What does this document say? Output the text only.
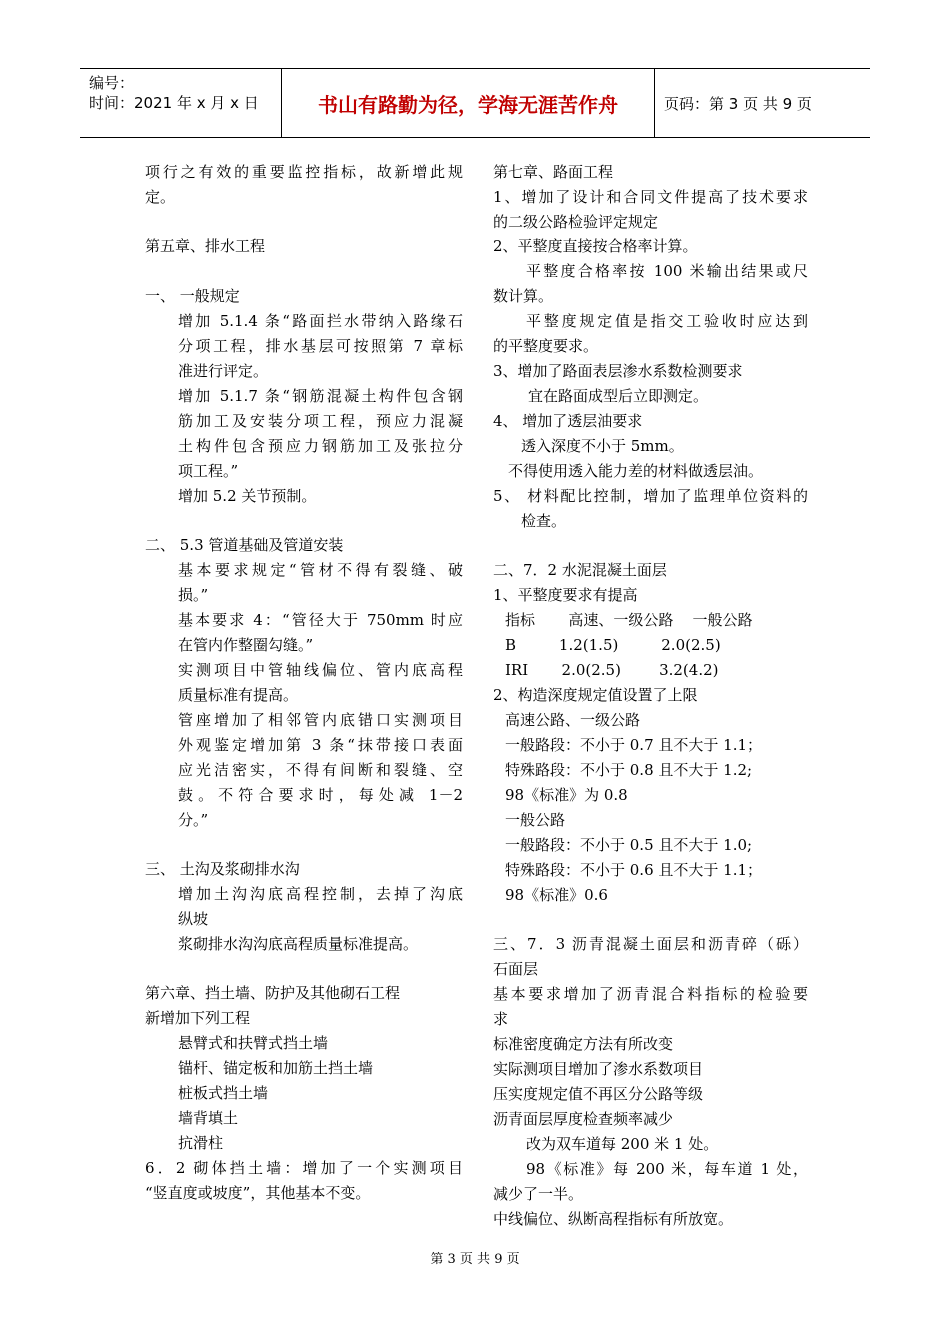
编号：
时间：2021 年 x 月 x 日	书山有路勤为径，学海无涯苦作舟	页码：第 3 页 共 9 页
项行之有效的重要监控指标，故新增此规
定。
第五章、排水工程
一、 一般规定
增加 5.1.4 条“路面拦水带纳入路缘石
分项工程，排水基层可按照第 7 章标
准进行评定。
增加 5.1.7 条“钢筋混凝土构件包含钢
筋加工及安装分项工程，预应力混凝
土构件包含预应力钢筋加工及张拉分
项工程。”
增加 5.2 关节预制。
二、 5.3 管道基础及管道安装
基本要求规定“管材不得有裂缝、破
损。”
基本要求 4：“管径大于 750mm 时应
在管内作整圈勾缝。”
实测项目中管轴线偏位、管内底高程
质量标准有提高。
管座增加了相邻管内底错口实测项目
外观鉴定增加第 3 条“抹带接口表面
应光洁密实，不得有间断和裂缝、空
鼓。不符合要求时，每处减 1－2
分。”
三、 土沟及浆砌排水沟
增加土沟沟底高程控制，去掉了沟底
纵坡
浆砌排水沟沟底高程质量标准提高。
第六章、挡土墙、防护及其他砌石工程
新增加下列工程
悬臂式和扶臂式挡土墙
锚杆、锚定板和加筋土挡土墙
桩板式挡土墙
墙背填土
抗滑柱
6．2 砌体挡土墙：增加了一个实测项目
“竖直度或坡度”，其他基本不变。
第七章、路面工程
1、增加了设计和合同文件提高了技术要求
的二级公路检验评定规定
2、平整度直接按合格率计算。
平整度合格率按 100 米输出结果或尺
数计算。
平整度规定值是指交工验收时应达到
的平整度要求。
3、增加了路面表层渗水系数检测要求
宜在路面成型后立即测定。
4、 增加了透层油要求
透入深度不小于 5mm。
不得使用透入能力差的材料做透层油。
5、 材料配比控制，增加了监理单位资料的
检查。
二、7．2 水泥混凝土面层
1、平整度要求有提高
指标       高速、一级公路    一般公路
B         1.2(1.5)         2.0(2.5)
IRI       2.0(2.5)        3.2(4.2)
2、构造深度规定值设置了上限
高速公路、一级公路
一般路段：不小于 0.7 且不大于 1.1；
特殊路段：不小于 0.8 且不大于 1.2;
98《标准》为 0.8
一般公路
一般路段：不小于 0.5 且不大于 1.0;
特殊路段：不小于 0.6 且不大于 1.1；
98《标准》0.6
三、7．3 沥青混凝土面层和沥青碎（砾）
石面层
基本要求增加了沥青混合料指标的检验要
求
标准密度确定方法有所改变
实际测项目增加了渗水系数项目
压实度规定值不再区分公路等级
沥青面层厚度检查频率减少
改为双车道每 200 米 1 处。
98《标准》每 200 米，每车道 1 处，
减少了一半。
中线偏位、纵断高程指标有所放宽。
第 3 页 共 9 页
